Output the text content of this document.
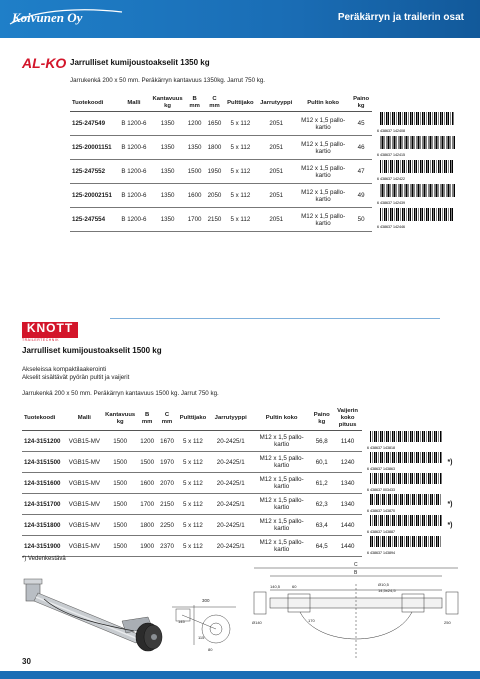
Koivunen Oy	Peräkärryn ja trailerin osat
AL-KO Jarrulliset kumijoustoakselit 1350 kg
Jarrukenkä 200 x 50 mm. Peräkärryn kantavuus 1350kg. Jarrut 750 kg.
Tuotekoodi	Malli	Kantavuus kg	B mm	C mm	Pulttijako	Jarrutyyppi	Pultin koko	Paino kg	
125-247549	B 1200-6	1350	1200	1650	5 x 112	2051	M12 x 1,5 pallo-kartio	45	6 438637 142408

125-20001151	B 1200-6	1350	1350	1800	5 x 112	2051	M12 x 1,5 pallo-kartio	46	6 438637 142415

125-247552	B 1200-6	1350	1500	1950	5 x 112	2051	M12 x 1,5 pallo-kartio	47	6 438637 142422

125-20002151	B 1200-6	1350	1600	2050	5 x 112	2051	M12 x 1,5 pallo-kartio	49	6 438637 142439

125-247554	B 1200-6	1350	1700	2150	5 x 112	2051	M12 x 1,5 pallo-kartio	50	6 438637 142446
KNOTT
TRAILERTECHNIK
Jarrulliset kumijoustoakselit 1500 kg
Akseleissa kompaktilaakerointi
Akselit sisältävät pyörän pultit ja vaijerit
Jarrukenkä 200 x 50 mm. Peräkärryn kantavuus 1500 kg. Jarrut 750 kg.
Tuotekoodi	Malli	Kantavuus kg	B mm	C mm	Pulttijako	Jarrutyyppi	Pultin koko	Paino kg	Vaijerin koko pituus	
124-3151200	VGB15-MV	1500	1200	1670	5 x 112	20-2425/1	M12 x 1,5 pallo-kartio	56,8	1140	6 438637 143818

124-3151500	VGB15-MV	1500	1500	1970	5 x 112	20-2425/1	M12 x 1,5 pallo-kartio	60,1	1240	6 438637 143863
*)
124-3151600	VGB15-MV	1500	1600	2070	5 x 112	20-2425/1	M12 x 1,5 pallo-kartio	61,2	1340	6 438637 003433

124-3151700	VGB15-MV	1500	1700	2150	5 x 112	20-2425/1	M12 x 1,5 pallo-kartio	62,3	1340	6 438637 143870
*)
124-3151800	VGB15-MV	1500	1800	2250	5 x 112	20-2425/1	M12 x 1,5 pallo-kartio	63,4	1440	6 438637 143887
*)
124-3151900	VGB15-MV	1500	1900	2370	5 x 112	20-2425/1	M12 x 1,5 pallo-kartio	64,5	1440	6 438637 143894
*) Vedenkestävä
300
145
115
80
C
B
Ø10,5
14,5x24,5
140,5	60
170
Ø140	250
30
